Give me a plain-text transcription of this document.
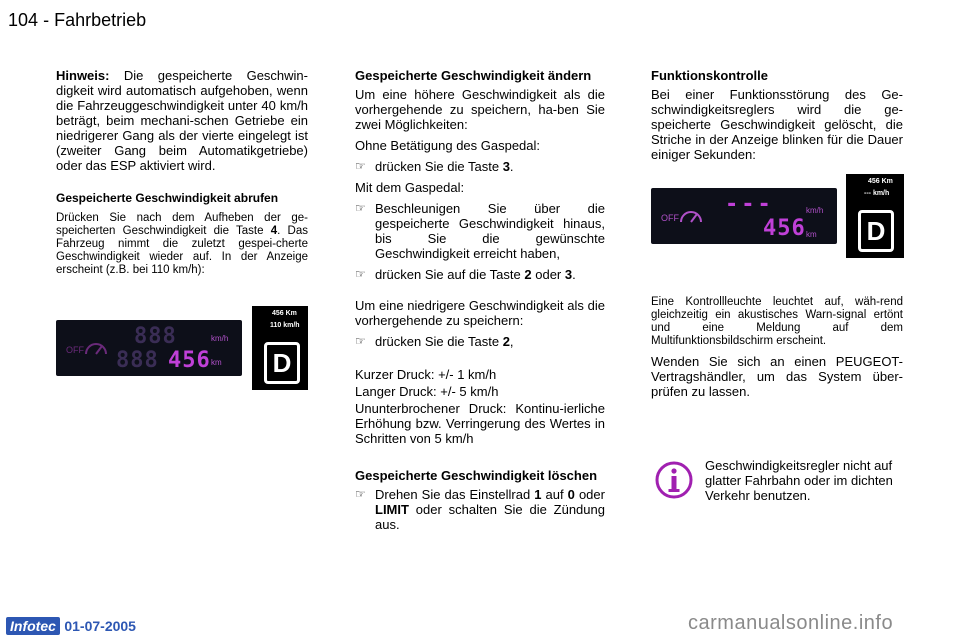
104 - Fahrbetrieb

Hinweis: Die gespeicherte Geschwin-digkeit wird automatisch aufgehoben, wenn die Fahrzeuggeschwindigkeit unter 40 km/h beträgt, beim mechani-schen Getriebe ein niedrigerer Gang als der vierte eingelegt ist (zweiter Gang beim Automatikgetriebe) oder das ESP aktiviert wird.

Gespeicherte Geschwindigkeit abrufen

Drücken Sie nach dem Aufheben der ge-speicherten Geschwindigkeit die Taste 4. Das Fahrzeug nimmt die zuletzt gespei-cherte Geschwindigkeit wieder auf. In der Anzeige erscheint (z.B. bei 110 km/h):

OFF
888
888 456
km/h
km
456 Km
110 km/h
D
Gespeicherte Geschwindigkeit ändern

Um eine höhere Geschwindigkeit als die vorhergehende zu speichern, ha-ben Sie zwei Möglichkeiten:

Ohne Betätigung des Gaspedal:

☞ drücken Sie die Taste 3.

Mit dem Gaspedal:

☞ Beschleunigen Sie über die gespeicherte Geschwindigkeit hinaus, bis Sie die gewünschte Geschwindigkeit erreicht haben,
☞ drücken Sie auf die Taste 2 oder 3.

Um eine niedrigere Geschwindigkeit als die vorhergehende zu speichern:

☞ drücken Sie die Taste 2,
Kurzer Druck: +/- 1 km/h
Langer Druck: +/- 5 km/h

Ununterbrochener Druck: Kontinu-ierliche Erhöhung bzw. Verringerung des Wertes in Schritten von 5 km/h

Gespeicherte Geschwindigkeit löschen
☞ Drehen Sie das Einstellrad 1 auf 0 oder LIMIT oder schalten Sie die Zündung aus.
Funktionskontrolle

Bei einer Funktionsstörung des Ge-schwindigkeitsreglers wird die ge-speicherte Geschwindigkeit gelöscht, die Striche in der Anzeige blinken für die Dauer einiger Sekunden:

OFF
---
456
km/h
km
456 Km
--- km/h
D

Eine Kontrollleuchte leuchtet auf, wäh-rend gleichzeitig ein akustisches Warn-signal ertönt und eine Meldung auf dem Multifunktionsbildschirm erscheint.

Wenden Sie sich an einen PEUGEOT-Vertragshändler, um das System über-prüfen zu lassen.

Geschwindigkeitsregler nicht auf glatter Fahrbahn oder im dichten Verkehr benutzen.
Infotec 01-07-2005	carmanualsonline.info
